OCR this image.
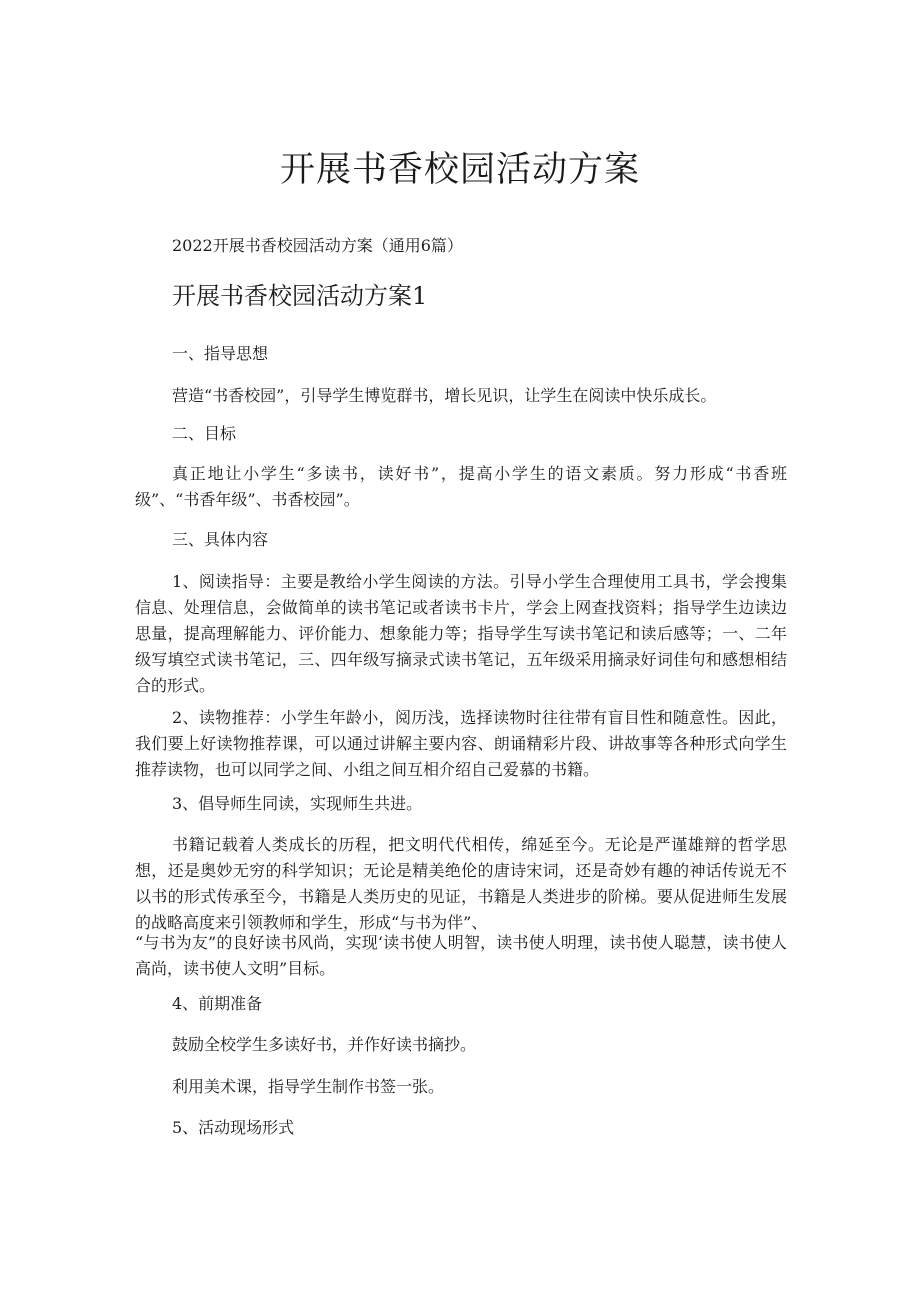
开展书香校园活动方案

2022开展书香校园活动方案（通用6篇）

开展书香校园活动方案1

一、指导思想

营造“书香校园”，引导学生博览群书，增长见识，让学生在阅读中快乐成长。

二、目标

真正地让小学生“多读书，读好书”，提高小学生的语文素质。努力形成“书香班级”、“书香年级”、书香校园”。

三、具体内容

1、阅读指导：主要是教给小学生阅读的方法。引导小学生合理使用工具书，学会搜集信息、处理信息，会做简单的读书笔记或者读书卡片，学会上网查找资料；指导学生边读边思量，提高理解能力、评价能力、想象能力等；指导学生写读书笔记和读后感等；一、二年级写填空式读书笔记，三、四年级写摘录式读书笔记，五年级采用摘录好词佳句和感想相结合的形式。

2、读物推荐：小学生年龄小，阅历浅，选择读物时往往带有盲目性和随意性。因此，我们要上好读物推荐课，可以通过讲解主要内容、朗诵精彩片段、讲故事等各种形式向学生推荐读物，也可以同学之间、小组之间互相介绍自己爱慕的书籍。

3、倡导师生同读，实现师生共进。

书籍记载着人类成长的历程，把文明代代相传，绵延至今。无论是严谨雄辩的哲学思想，还是奥妙无穷的科学知识；无论是精美绝伦的唐诗宋词，还是奇妙有趣的神话传说无不以书的形式传承至今，书籍是人类历史的见证，书籍是人类进步的阶梯。要从促进师生发展的战略高度来引领教师和学生，形成“与书为伴”、

“与书为友”的良好读书风尚，实现‘读书使人明智，读书使人明理，读书使人聪慧，读书使人高尚，读书使人文明”目标。

4、前期准备

鼓励全校学生多读好书，并作好读书摘抄。

利用美术课，指导学生制作书签一张。

5、活动现场形式
